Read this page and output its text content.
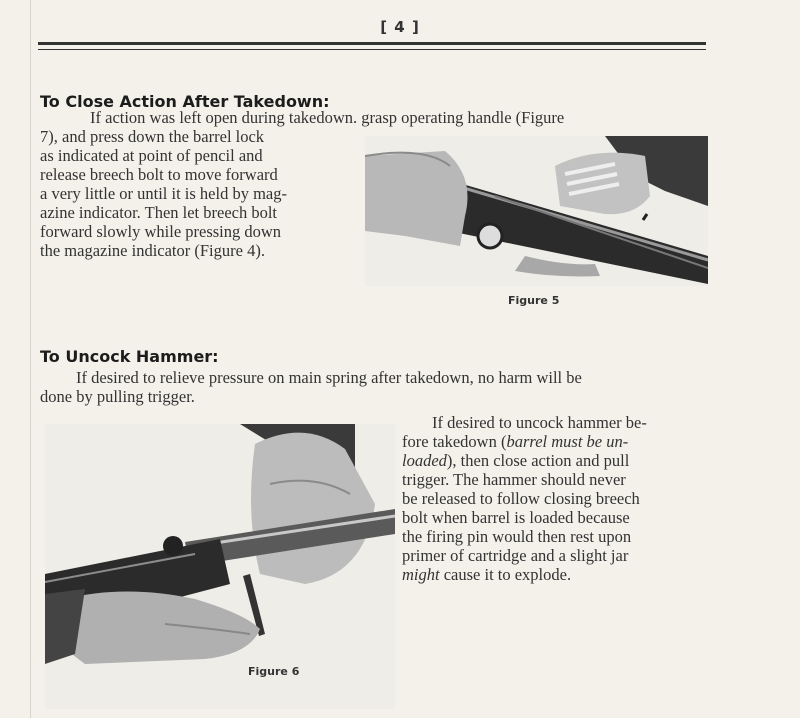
[ 4 ]
To Close Action After Takedown:

If action was left open during takedown. grasp operating handle (Figure

7), and press down the barrel lock

as indicated at point of pencil and

release breech bolt to move forward

a very little or until it is held by mag-

azine indicator. Then let breech bolt

forward slowly while pressing down

the magazine indicator (Figure 4).

Figure 5

To Uncock Hammer:

If desired to relieve pressure on main spring after takedown, no harm will be

done by pulling trigger.

If desired to uncock hammer be-

fore takedown (barrel must be un-

loaded), then close action and pull

trigger. The hammer should never

be released to follow closing breech

bolt when barrel is loaded because

the firing pin would then rest upon

primer of cartridge and a slight jar

might cause it to explode.

Figure 6
